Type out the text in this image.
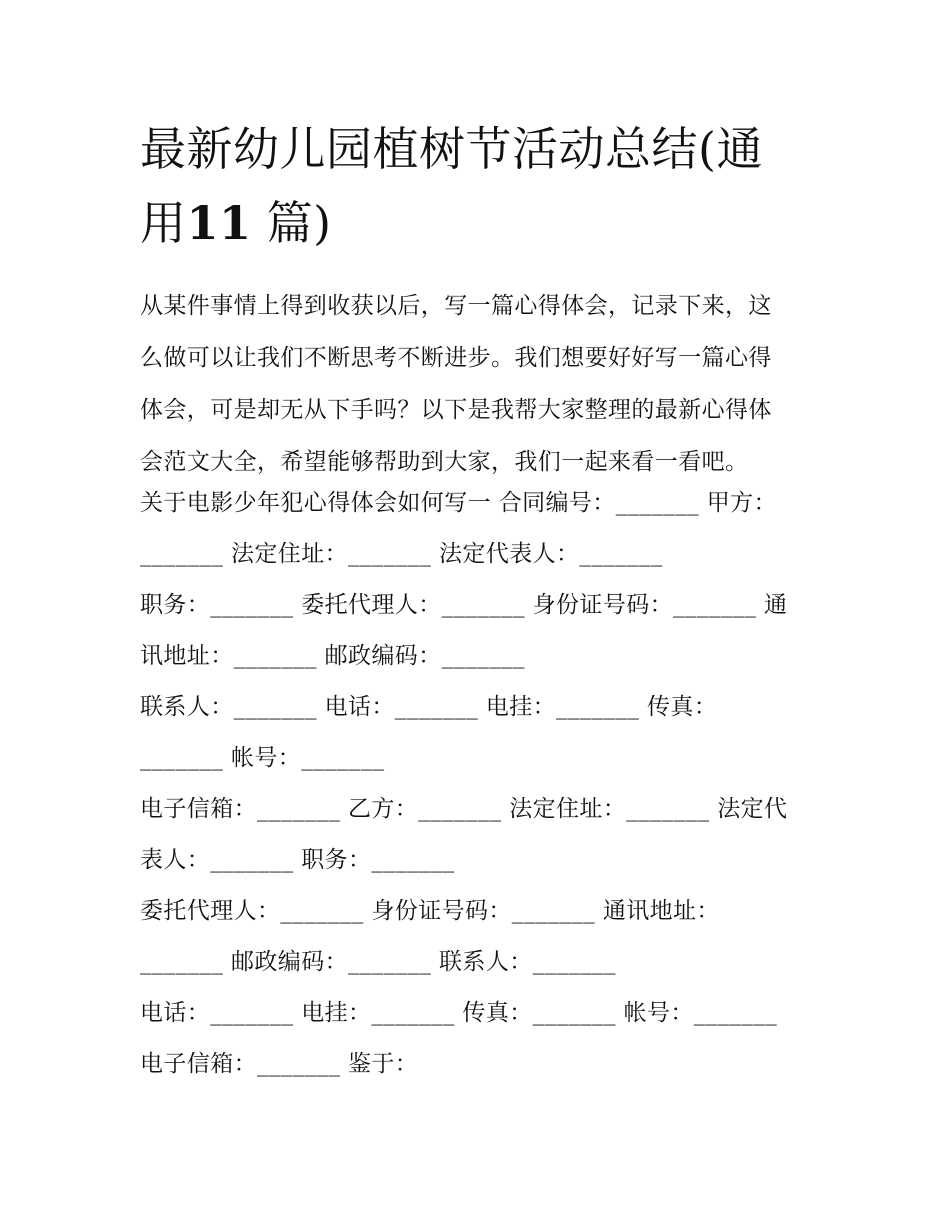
最新幼儿园植树节活动总结(通
用11 篇)

从某件事情上得到收获以后，写一篇心得体会，记录下来，这
么做可以让我们不断思考不断进步。我们想要好好写一篇心得
体会，可是却无从下手吗？以下是我帮大家整理的最新心得体
会范文大全，希望能够帮助到大家，我们一起来看一看吧。

关于电影少年犯心得体会如何写一 合同编号：_______ 甲方：
_______ 法定住址：_______ 法定代表人：_______
职务：_______ 委托代理人：_______ 身份证号码：_______ 通
讯地址：_______ 邮政编码：_______
联系人：_______ 电话：_______ 电挂：_______ 传真：
_______ 帐号：_______
电子信箱：_______ 乙方：_______ 法定住址：_______ 法定代
表人：_______ 职务：_______
委托代理人：_______ 身份证号码：_______ 通讯地址：
_______ 邮政编码：_______ 联系人：_______
电话：_______ 电挂：_______ 传真：_______ 帐号：_______
电子信箱：_______ 鉴于：
